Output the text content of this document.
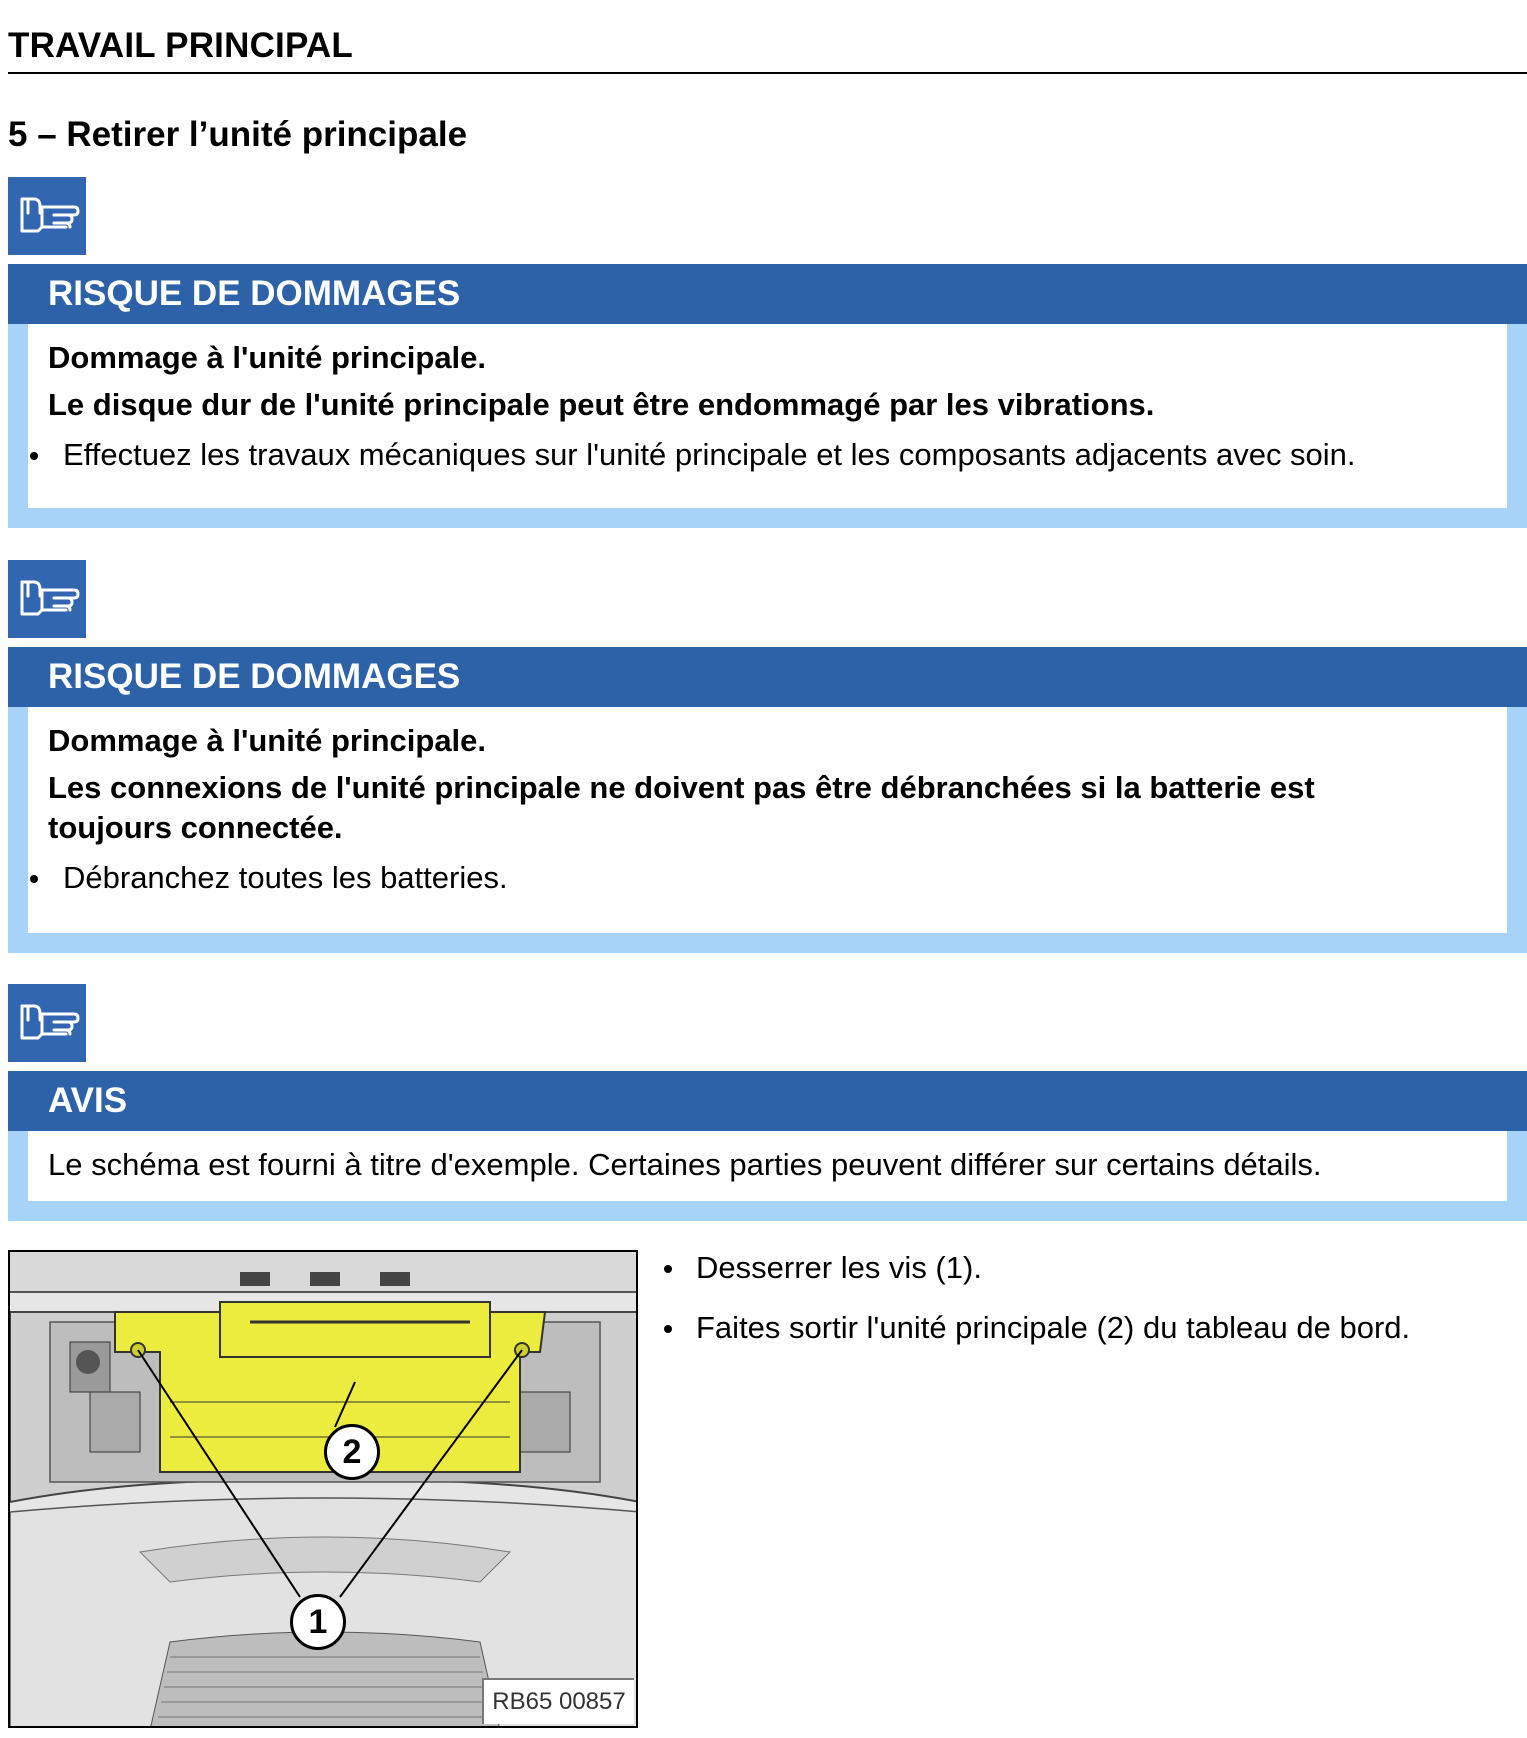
TRAVAIL PRINCIPAL
5 – Retirer l’unité principale
RISQUE DE DOMMAGES
Dommage à l'unité principale.
Le disque dur de l'unité principale peut être endommagé par les vibrations.
Effectuez les travaux mécaniques sur l'unité principale et les composants adjacents avec soin.
RISQUE DE DOMMAGES
Dommage à l'unité principale.
Les connexions de l'unité principale ne doivent pas être débranchées si la batterie est toujours connectée.
Débranchez toutes les batteries.
AVIS
Le schéma est fourni à titre d'exemple. Certaines parties peuvent différer sur certains détails.
1
2
RB65 00857
Desserrer les vis (1).
Faites sortir l'unité principale (2) du tableau de bord.
